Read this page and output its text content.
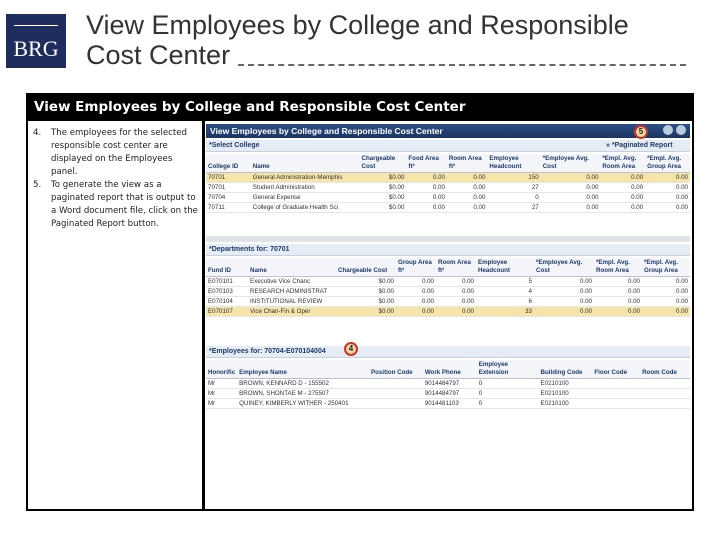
BRG
View Employees by College and Responsible Cost Center
View Employees by College and Responsible Cost Center
4.	The employees for the selected responsible cost center are displayed on the Employees panel.
5.	To generate the view as a paginated report that is output to a Word document file, click on the Paginated Report button.
View Employees by College and Responsible Cost Center	5
*Select College	» *Paginated Report
College ID	Name	Chargeable Cost	Food Area ft²	Room Area ft²	Employee Headcount	*Employee Avg. Cost	*Empl. Avg. Room Area	*Empl. Avg. Group Area
70701	General Administration-Memphis	$0.00	0.00	0.00	150	0.00	0.00	0.00
70701	Student Administration	$0.00	0.00	0.00	27	0.00	0.00	0.00
70704	General Expense	$0.00	0.00	0.00	0	0.00	0.00	0.00
70711	College of Graduate Health Sci	$0.00	0.00	0.00	27	0.00	0.00	0.00
*Departments for: 70701
Fund ID	Name	Chargeable Cost	Group Area ft²	Room Area ft²	Employee Headcount	*Employee Avg. Cost	*Empl. Avg. Room Area	*Empl. Avg. Group Area
E070101	Executive Vice Chanc	$0.00	0.00	0.00	5	0.00	0.00	0.00
E070103	RESEARCH ADMINISTRAT	$0.00	0.00	0.00	4	0.00	0.00	0.00
E070104	INSTITUTIONAL REVIEW	$0.00	0.00	0.00	6	0.00	0.00	0.00
E070107	Vice Chan-Fin & Oper	$0.00	0.00	0.00	33	0.00	0.00	0.00
*Employees for: 70704-E070104004	4
Honorific	Employee Name	Position Code	Work Phone	Employee Extension	Building Code	Floor Code	Room Code
Mr	BROWN, KENNARD D - 155502		9014484797	0	E0210100		
Mr	BROWN, SHONTAE M - 275507		9014484797	0	E0210100		
Mr	QUINEY, KIMBERLY WITHER - 250401		9014481103	0	E0210100		
